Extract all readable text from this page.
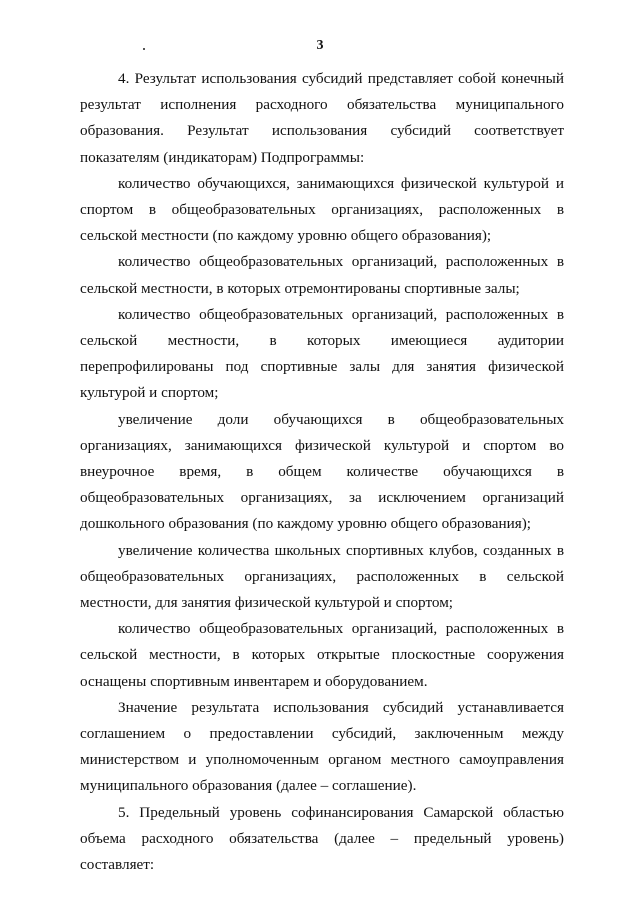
3

4. Результат использования субсидий представляет собой конечный результат исполнения расходного обязательства муниципального образования. Результат использования субсидий соответствует показателям (индикаторам) Подпрограммы:

количество обучающихся, занимающихся физической культурой и спортом в общеобразовательных организациях, расположенных в сельской местности (по каждому уровню общего образования);

количество общеобразовательных организаций, расположенных в сельской местности, в которых отремонтированы спортивные залы;

количество общеобразовательных организаций, расположенных в сельской местности, в которых имеющиеся аудитории перепрофилированы под спортивные залы для занятия физической культурой и спортом;

увеличение доли обучающихся в общеобразовательных организациях, занимающихся физической культурой и спортом во внеурочное время, в общем количестве обучающихся в общеобразовательных организациях, за исключением организаций дошкольного образования (по каждому уровню общего образования);

увеличение количества школьных спортивных клубов, созданных в общеобразовательных организациях, расположенных в сельской местности, для занятия физической культурой и спортом;

количество общеобразовательных организаций, расположенных в сельской местности, в которых открытые плоскостные сооружения оснащены спортивным инвентарем и оборудованием.

Значение результата использования субсидий устанавливается соглашением о предоставлении субсидий, заключенным между министерством и уполномоченным органом местного самоуправления муниципального образования (далее – соглашение).

5. Предельный уровень софинансирования Самарской областью объема расходного обязательства (далее – предельный уровень) составляет:
